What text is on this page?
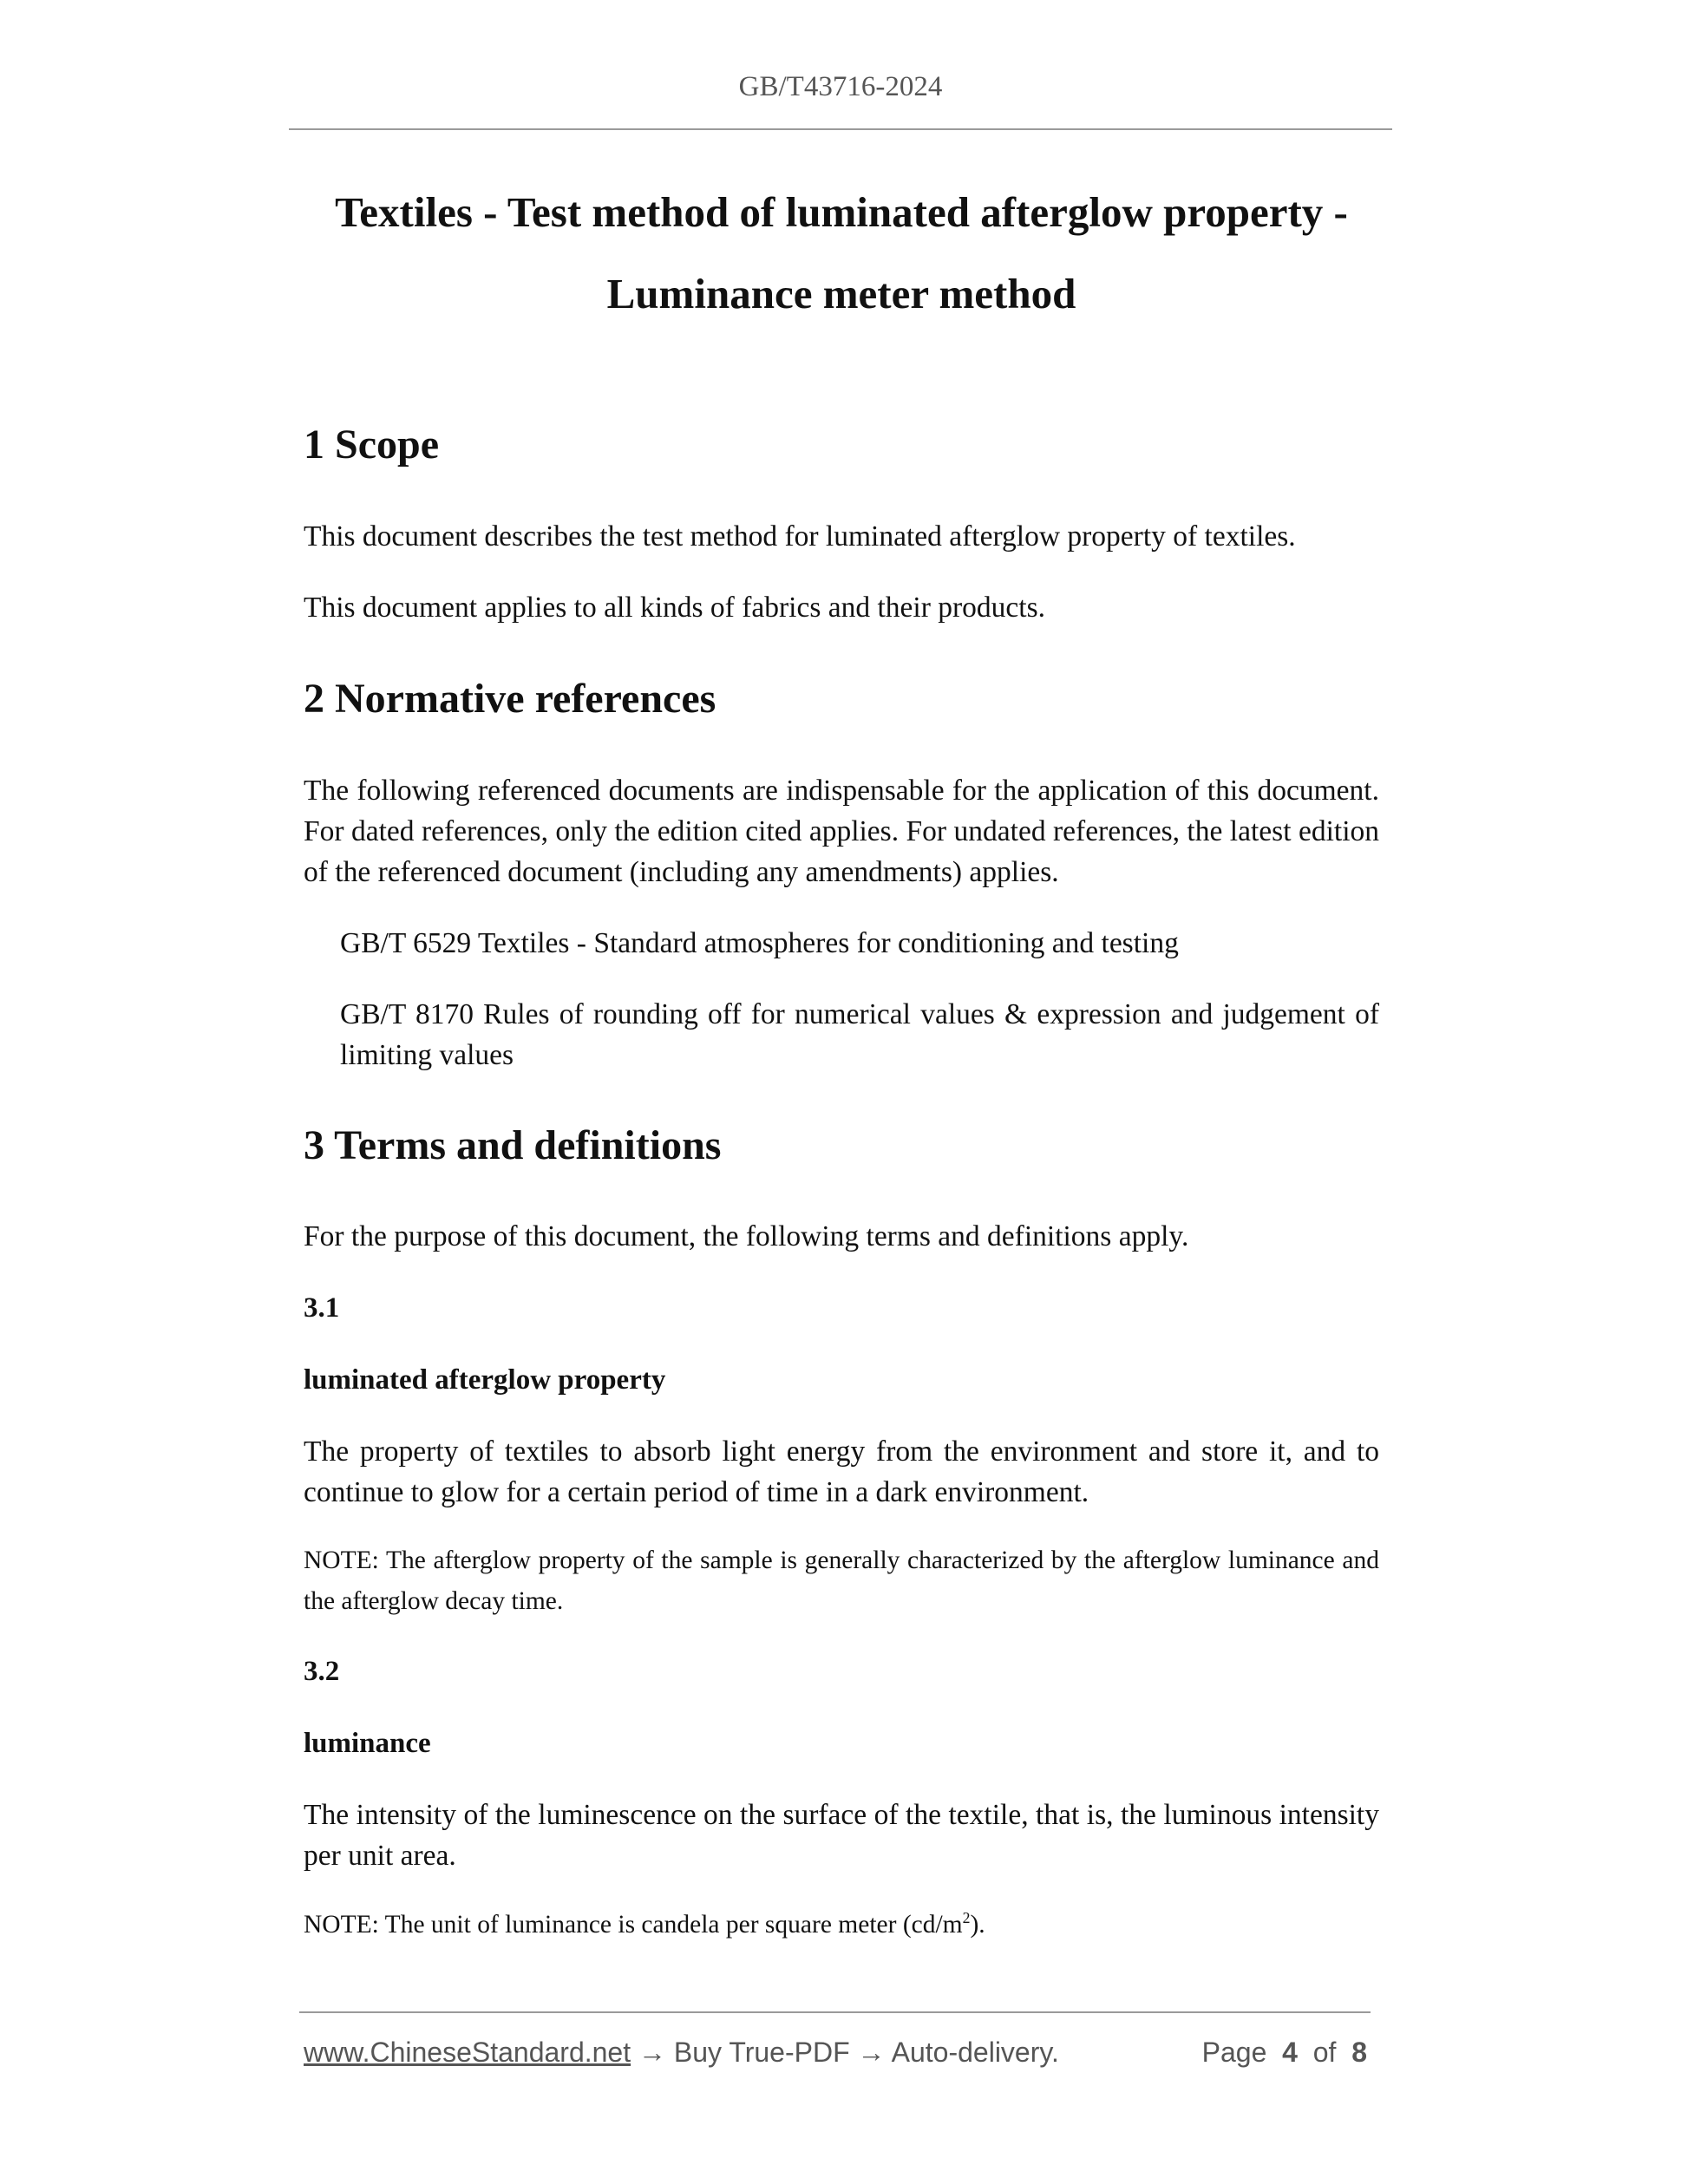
GB/T43716-2024
Textiles - Test method of luminated afterglow property -
Luminance meter method
1 Scope
This document describes the test method for luminated afterglow property of textiles.
This document applies to all kinds of fabrics and their products.
2 Normative references
The following referenced documents are indispensable for the application of this document. For dated references, only the edition cited applies. For undated references, the latest edition of the referenced document (including any amendments) applies.
GB/T 6529 Textiles - Standard atmospheres for conditioning and testing
GB/T 8170 Rules of rounding off for numerical values & expression and judgement of limiting values
3 Terms and definitions
For the purpose of this document, the following terms and definitions apply.
3.1
luminated afterglow property
The property of textiles to absorb light energy from the environment and store it, and to continue to glow for a certain period of time in a dark environment.
NOTE: The afterglow property of the sample is generally characterized by the afterglow luminance and the afterglow decay time.
3.2
luminance
The intensity of the luminescence on the surface of the textile, that is, the luminous intensity per unit area.
NOTE: The unit of luminance is candela per square meter $(cd/m^2)$.
www.ChineseStandard.net → Buy True-PDF → Auto-delivery.	Page 4 of 8
